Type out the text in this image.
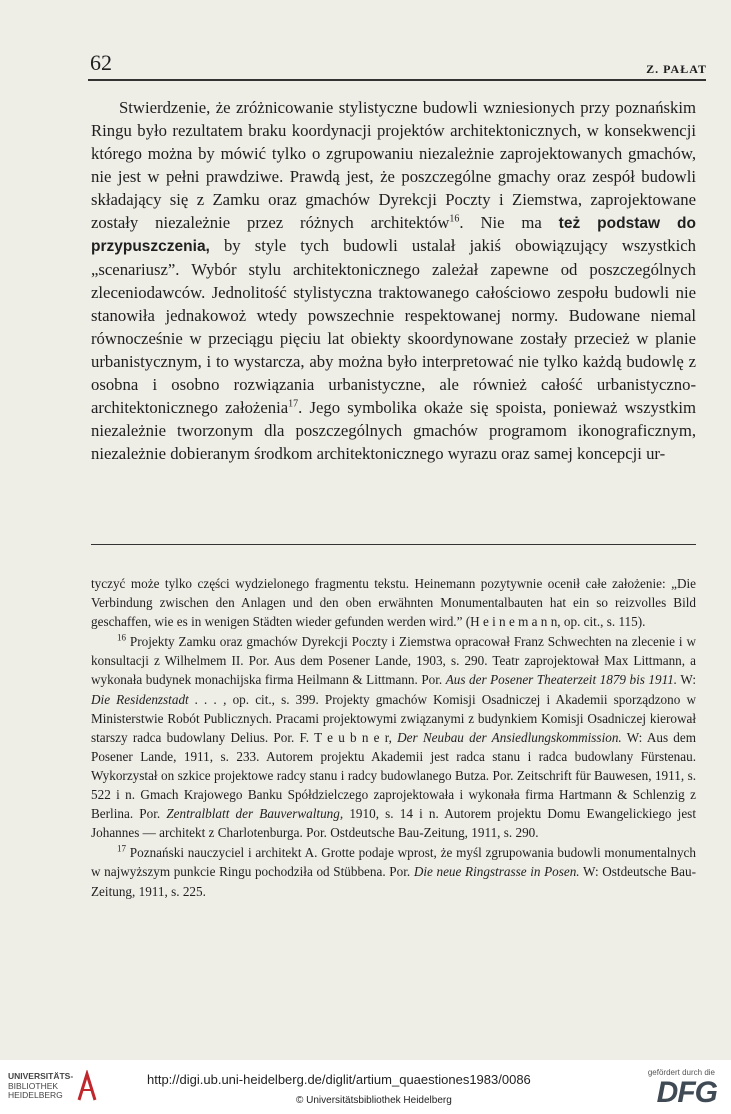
62	Z. PAŁAT

Stwierdzenie, że zróżnicowanie stylistyczne budowli wzniesionych przy poznańskim Ringu było rezultatem braku koordynacji projektów architektonicznych, w konsekwencji którego można by mówić tylko o zgrupowaniu niezależnie zaprojektowanych gmachów, nie jest w pełni prawdziwe. Prawdą jest, że poszczególne gmachy oraz zespół budowli składający się z Zamku oraz gmachów Dyrekcji Poczty i Ziemstwa, zaprojektowane zostały niezależnie przez różnych architektów$^{16}$. Nie ma też podstaw do przypuszczenia, by style tych budowli ustalał jakiś obowiązujący wszystkich „scenariusz”. Wybór stylu architektonicznego zależał zapewne od poszczególnych zleceniodawców. Jednolitość stylistyczna traktowanego całościowo zespołu budowli nie stanowiła jednakowoż wtedy powszechnie respektowanej normy. Budowane niemal równocześnie w przeciągu pięciu lat obiekty skoordynowane zostały przecież w planie urbanistycznym, i to wystarcza, aby można było interpretować nie tylko każdą budowlę z osobna i osobno rozwiązania urbanistyczne, ale również całość urbanistyczno-architektonicznego założenia$^{17}$. Jego symbolika okaże się spoista, ponieważ wszystkim niezależnie tworzonym dla poszczególnych gmachów programom ikonograficznym, niezależnie dobieranym środkom architektonicznego wyrazu oraz samej koncepcji ur-

tyczyć może tylko części wydzielonego fragmentu tekstu. Heinemann pozytywnie ocenił całe założenie: „Die Verbindung zwischen den Anlagen und den oben erwähnten Monumentalbauten hat ein so reizvolles Bild geschaffen, wie es in wenigen Städten wieder gefunden werden wird.” (H e i n e m a n n, op. cit., s. 115).

$^{16}$ Projekty Zamku oraz gmachów Dyrekcji Poczty i Ziemstwa opracował Franz Schwechten na zlecenie i w konsultacji z Wilhelmem II. Por. Aus dem Posener Lande, 1903, s. 290. Teatr zaprojektował Max Littmann, a wykonała budynek monachijska firma Heilmann & Littmann. Por. Aus der Posener Theaterzeit 1879 bis 1911. W: Die Residenzstadt . . . , op. cit., s. 399. Projekty gmachów Komisji Osadniczej i Akademii sporządzono w Ministerstwie Robót Publicznych. Pracami projektowymi związanymi z budynkiem Komisji Osadniczej kierował starszy radca budowlany Delius. Por. F. T e u b n e r, Der Neubau der Ansiedlungskommission. W: Aus dem Posener Lande, 1911, s. 233. Autorem projektu Akademii jest radca stanu i radca budowlany Fürstenau. Wykorzystał on szkice projektowe radcy stanu i radcy budowlanego Butza. Por. Zeitschrift für Bauwesen, 1911, s. 522 i n. Gmach Krajowego Banku Spółdzielczego zaprojektowała i wykonała firma Hartmann & Schlenzig z Berlina. Por. Zentralblatt der Bauverwaltung, 1910, s. 14 i n. Autorem projektu Domu Ewangelickiego jest Johannes — architekt z Charlotenburga. Por. Ostdeutsche Bau-Zeitung, 1911, s. 290.

$^{17}$ Poznański nauczyciel i architekt A. Grotte podaje wprost, że myśl zgrupowania budowli monumentalnych w najwyższym punkcie Ringu pochodziła od Stübbena. Por. Die neue Ringstrasse in Posen. W: Ostdeutsche Bau-Zeitung, 1911, s. 225.

UNIVERSITÄTS-
BIBLIOTHEK
HEIDELBERG
http://digi.ub.uni-heidelberg.de/diglit/artium_quaestiones1983/0086
© Universitätsbibliothek Heidelberg
gefördert durch die
DFG
